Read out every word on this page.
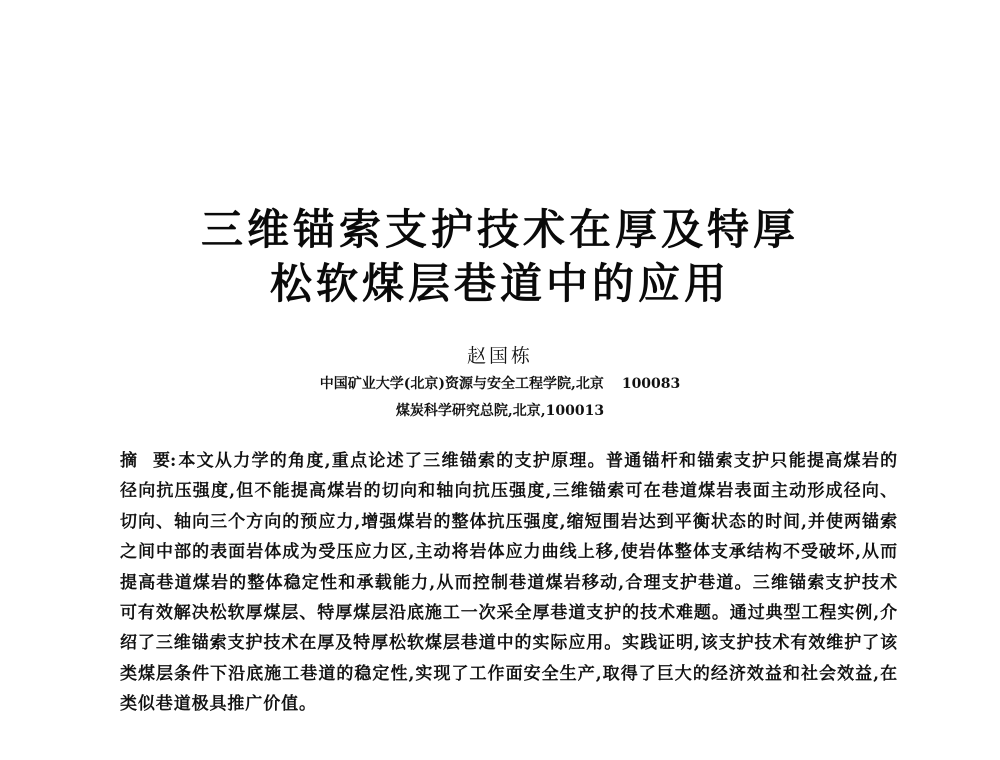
三维锚索支护技术在厚及特厚
松软煤层巷道中的应用
赵国栋
中国矿业大学(北京)资源与安全工程学院,北京 100083
煤炭科学研究总院,北京,100013
摘 要: 本文从力学的角度,重点论述了三维锚索的支护原理。普通锚杆和锚索支护只能提高煤岩的径向抗压强度,但不能提高煤岩的切向和轴向抗压强度,三维锚索可在巷道煤岩表面主动形成径向、切向、轴向三个方向的预应力,增强煤岩的整体抗压强度,缩短围岩达到平衡状态的时间,并使两锚索之间中部的表面岩体成为受压应力区,主动将岩体应力曲线上移,使岩体整体支承结构不受破坏,从而提高巷道煤岩的整体稳定性和承载能力,从而控制巷道煤岩移动,合理支护巷道。三维锚索支护技术可有效解决松软厚煤层、特厚煤层沿底施工一次采全厚巷道支护的技术难题。通过典型工程实例,介绍了三维锚索支护技术在厚及特厚松软煤层巷道中的实际应用。实践证明,该支护技术有效维护了该类煤层条件下沿底施工巷道的稳定性,实现了工作面安全生产,取得了巨大的经济效益和社会效益,在类似巷道极具推广价值。
